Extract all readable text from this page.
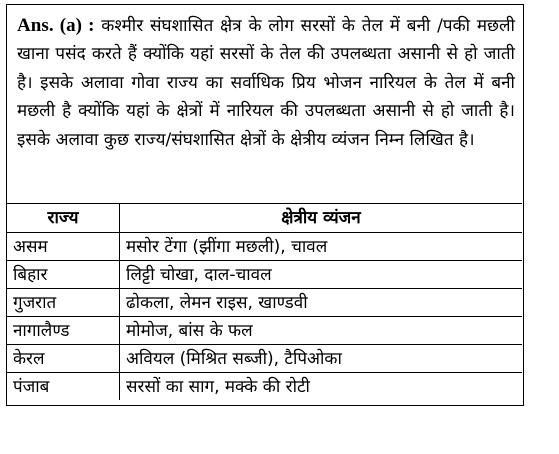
Ans. (a) : कश्मीर संघशासित क्षेत्र के लोग सरसों के तेल में बनी /पकी मछली खाना पसंद करते हैं क्योंकि यहां सरसों के तेल की उपलब्धता असानी से हो जाती है। इसके अलावा गोवा राज्य का सर्वाधिक प्रिय भोजन नारियल के तेल में बनी मछली है क्योंकि यहां के क्षेत्रों में नारियल की उपलब्धता असानी से हो जाती है। इसके अलावा कुछ राज्य/संघशासित क्षेत्रों के क्षेत्रीय व्यंजन निम्न लिखित है।

राज्य	क्षेत्रीय व्यंजन
असम	मसोर टेंगा (झींगा मछली), चावल
बिहार	लिट्टी चोखा, दाल-चावल
गुजरात	ढोकला, लेमन राइस, खाण्डवी
नागालैण्ड	मोमोज, बांस के फल
केरल	अवियल (मिश्रित सब्जी), टैपिओका
पंजाब	सरसों का साग, मक्के की रोटी
